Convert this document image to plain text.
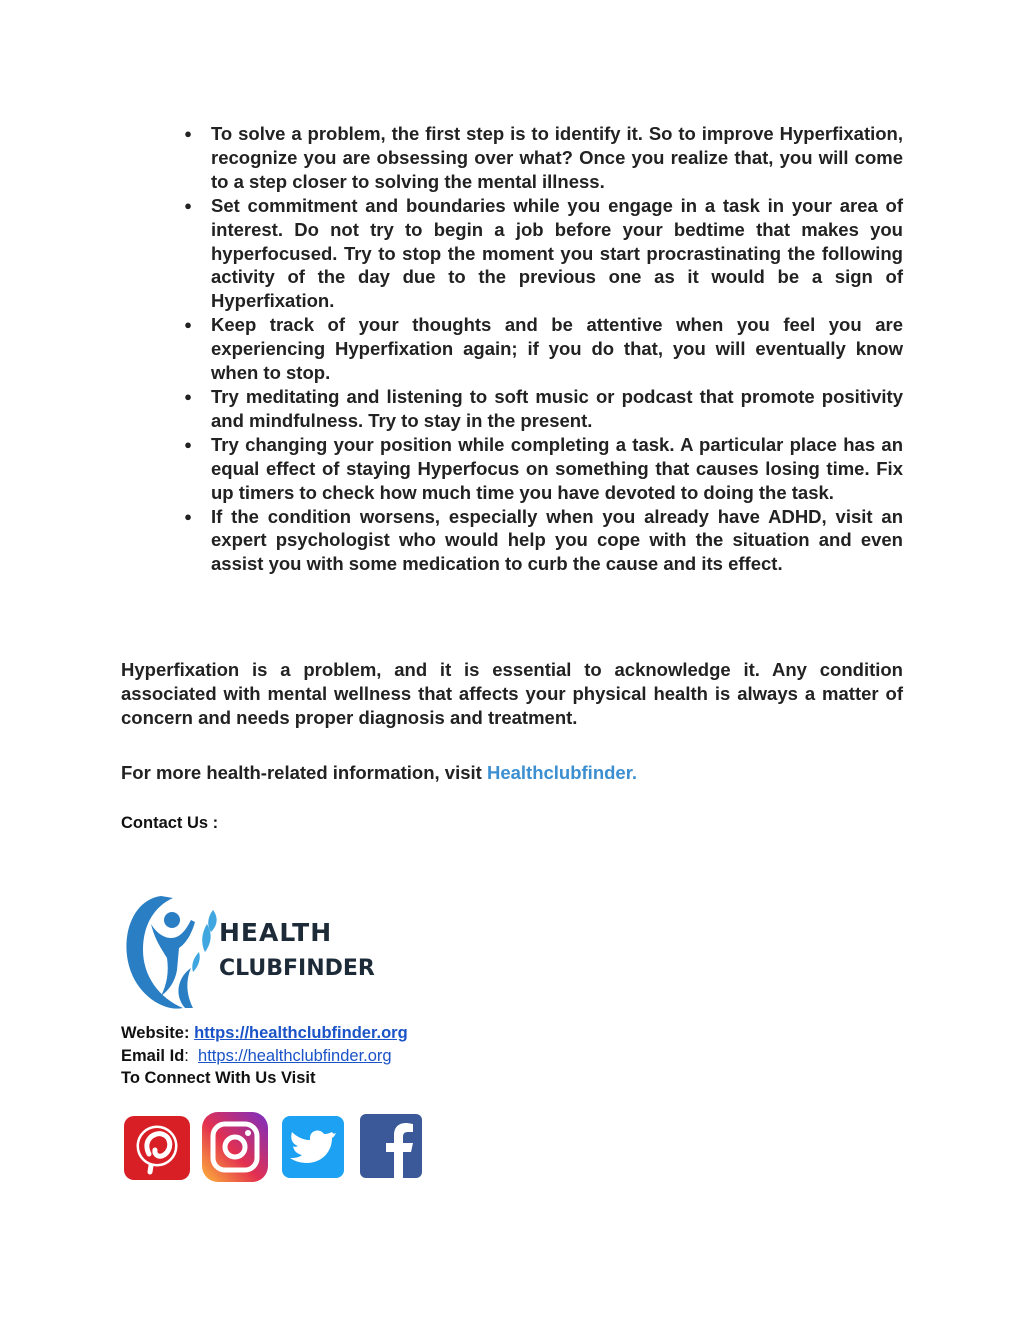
● To solve a problem, the first step is to identify it. So to improve Hyperfixation, recognize you are obsessing over what? Once you realize that, you will come to a step closer to solving the mental illness.
● Set commitment and boundaries while you engage in a task in your area of interest. Do not try to begin a job before your bedtime that makes you hyperfocused. Try to stop the moment you start procrastinating the following activity of the day due to the previous one as it would be a sign of Hyperfixation.
● Keep track of your thoughts and be attentive when you feel you are experiencing Hyperfixation again; if you do that, you will eventually know when to stop.
● Try meditating and listening to soft music or podcast that promote positivity and mindfulness. Try to stay in the present.
● Try changing your position while completing a task. A particular place has an equal effect of staying Hyperfocus on something that causes losing time. Fix up timers to check how much time you have devoted to doing the task.
● If the condition worsens, especially when you already have ADHD, visit an expert psychologist who would help you cope with the situation and even assist you with some medication to curb the cause and its effect.

Hyperfixation is a problem, and it is essential to acknowledge it. Any condition associated with mental wellness that affects your physical health is always a matter of concern and needs proper diagnosis and treatment.

For more health-related information, visit Healthclubfinder.

Contact Us :
HEALTH
CLUBFINDER
Website: https://healthclubfinder.org
Email Id: https://healthclubfinder.org
To Connect With Us Visit
